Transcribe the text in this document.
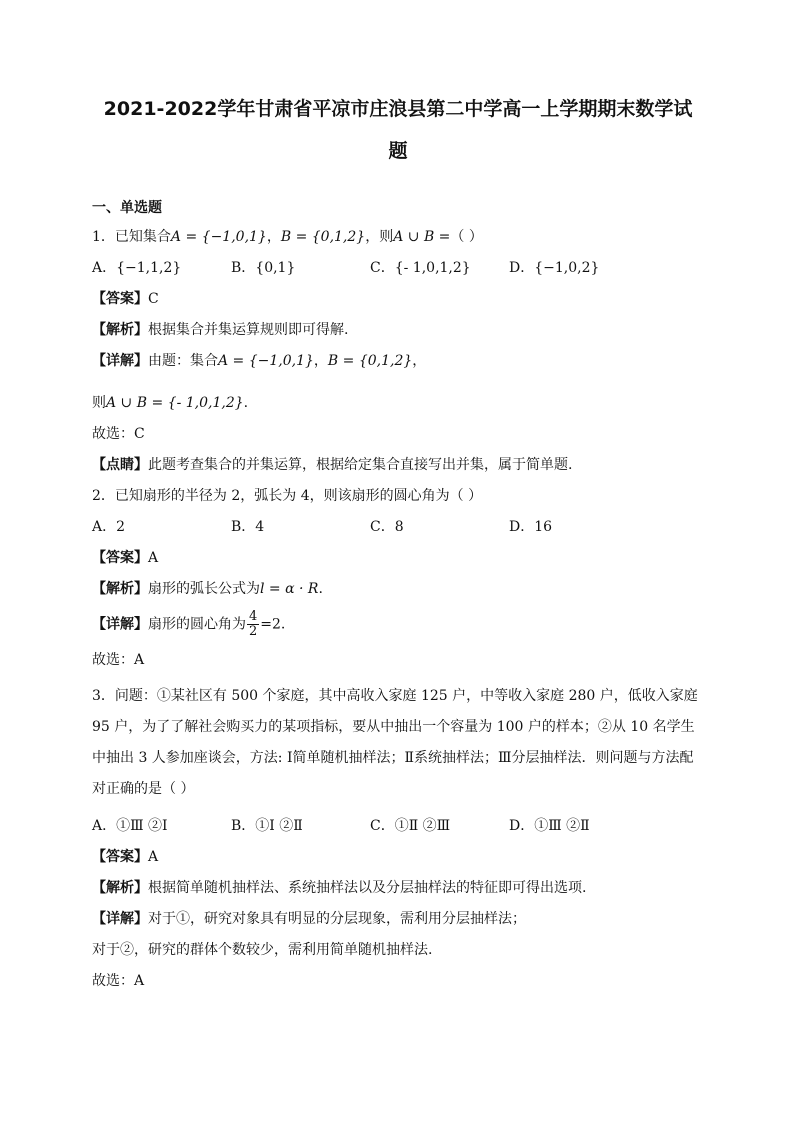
2021-2022学年甘肃省平凉市庄浪县第二中学高一上学期期末数学试
题
一、单选题
1．已知集合A = {−1,0,1}，B = {0,1,2}，则A ∪ B =（ ）
A．{−1,1,2}	B．{0,1}	C．{- 1,0,1,2}	D．{−1,0,2}
【答案】C
【解析】根据集合并集运算规则即可得解.
【详解】由题：集合A = {−1,0,1}，B = {0,1,2}，
则A ∪ B = {- 1,0,1,2}.
故选：C
【点睛】此题考查集合的并集运算，根据给定集合直接写出并集，属于简单题.
2．已知扇形的半径为 2，弧长为 4，则该扇形的圆心角为（ ）
A．2	B．4	C．8	D．16
【答案】A
【解析】扇形的弧长公式为l = α · R.
【详解】扇形的圆心角为 $\frac{4}{2} =2$.
故选：A
3．问题：①某社区有 500 个家庭，其中高收入家庭 125 户，中等收入家庭 280 户，低收入家庭 95 户，为了了解社会购买力的某项指标，要从中抽出一个容量为 100 户的样本；②从 10 名学生中抽出 3 人参加座谈会，方法: Ⅰ简单随机抽样法；Ⅱ系统抽样法；Ⅲ分层抽样法．则问题与方法配对正确的是（ ）
A．①Ⅲ ②Ⅰ	B．①Ⅰ ②Ⅱ	C．①Ⅱ ②Ⅲ	D．①Ⅲ ②Ⅱ
【答案】A
【解析】根据简单随机抽样法、系统抽样法以及分层抽样法的特征即可得出选项.
【详解】对于①，研究对象具有明显的分层现象，需利用分层抽样法；
对于②，研究的群体个数较少，需利用简单随机抽样法.
故选：A
